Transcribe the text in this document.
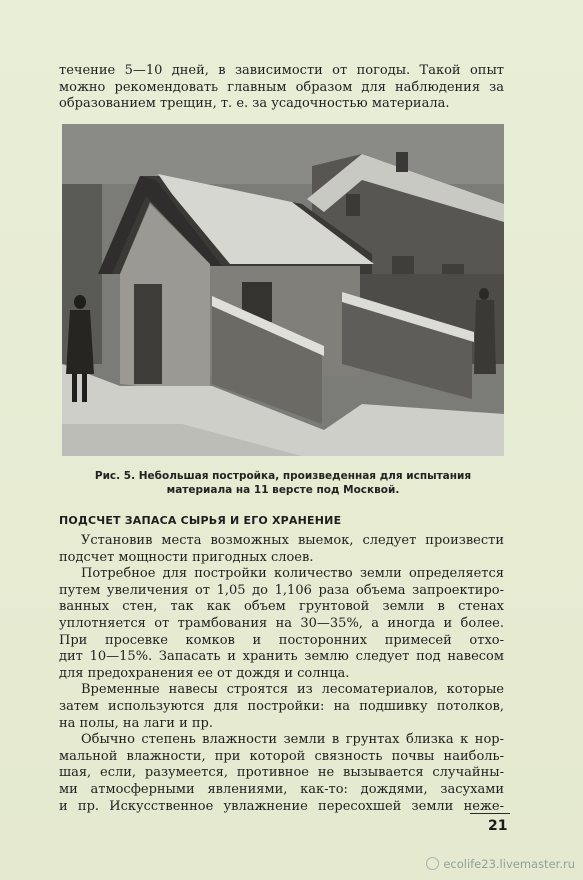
течение 5—10 дней, в зависимости от погоды. Такой опыт
можно рекомендовать главным образом для наблюдения за
образованием трещин, т. е. за усадочностью материала.
Рис. 5. Небольшая постройка, произведенная для испытания
материала на 11 версте под Москвой.
ПОДСЧЕТ ЗАПАСА СЫРЬЯ И ЕГО ХРАНЕНИЕ
Установив места возможных выемок, следует произвести
подсчет мощности пригодных слоев.
Потребное для постройки количество земли определяется
путем увеличения от 1,05 до 1,106 раза объема запроектиро-
ванных стен, так как объем грунтовой земли в стенах
уплотняется от трамбования на 30—35%, а иногда и более.
При просевке комков и посторонних примесей отхо-
дит 10—15%. Запасать и хранить землю следует под навесом
для предохранения ее от дождя и солнца.
Временные навесы строятся из лесоматериалов, которые
затем используются для постройки: на подшивку потолков,
на полы, на лаги и пр.
Обычно степень влажности земли в грунтах близка к нор-
мальной влажности, при которой связность почвы наиболь-
шая, если, разумеется, противное не вызывается случайны-
ми атмосферными явлениями, как-то: дождями, засухами
и пр. Искусственное увлажнение пересохшей земли неже-
21
ecolife23.livemaster.ru
